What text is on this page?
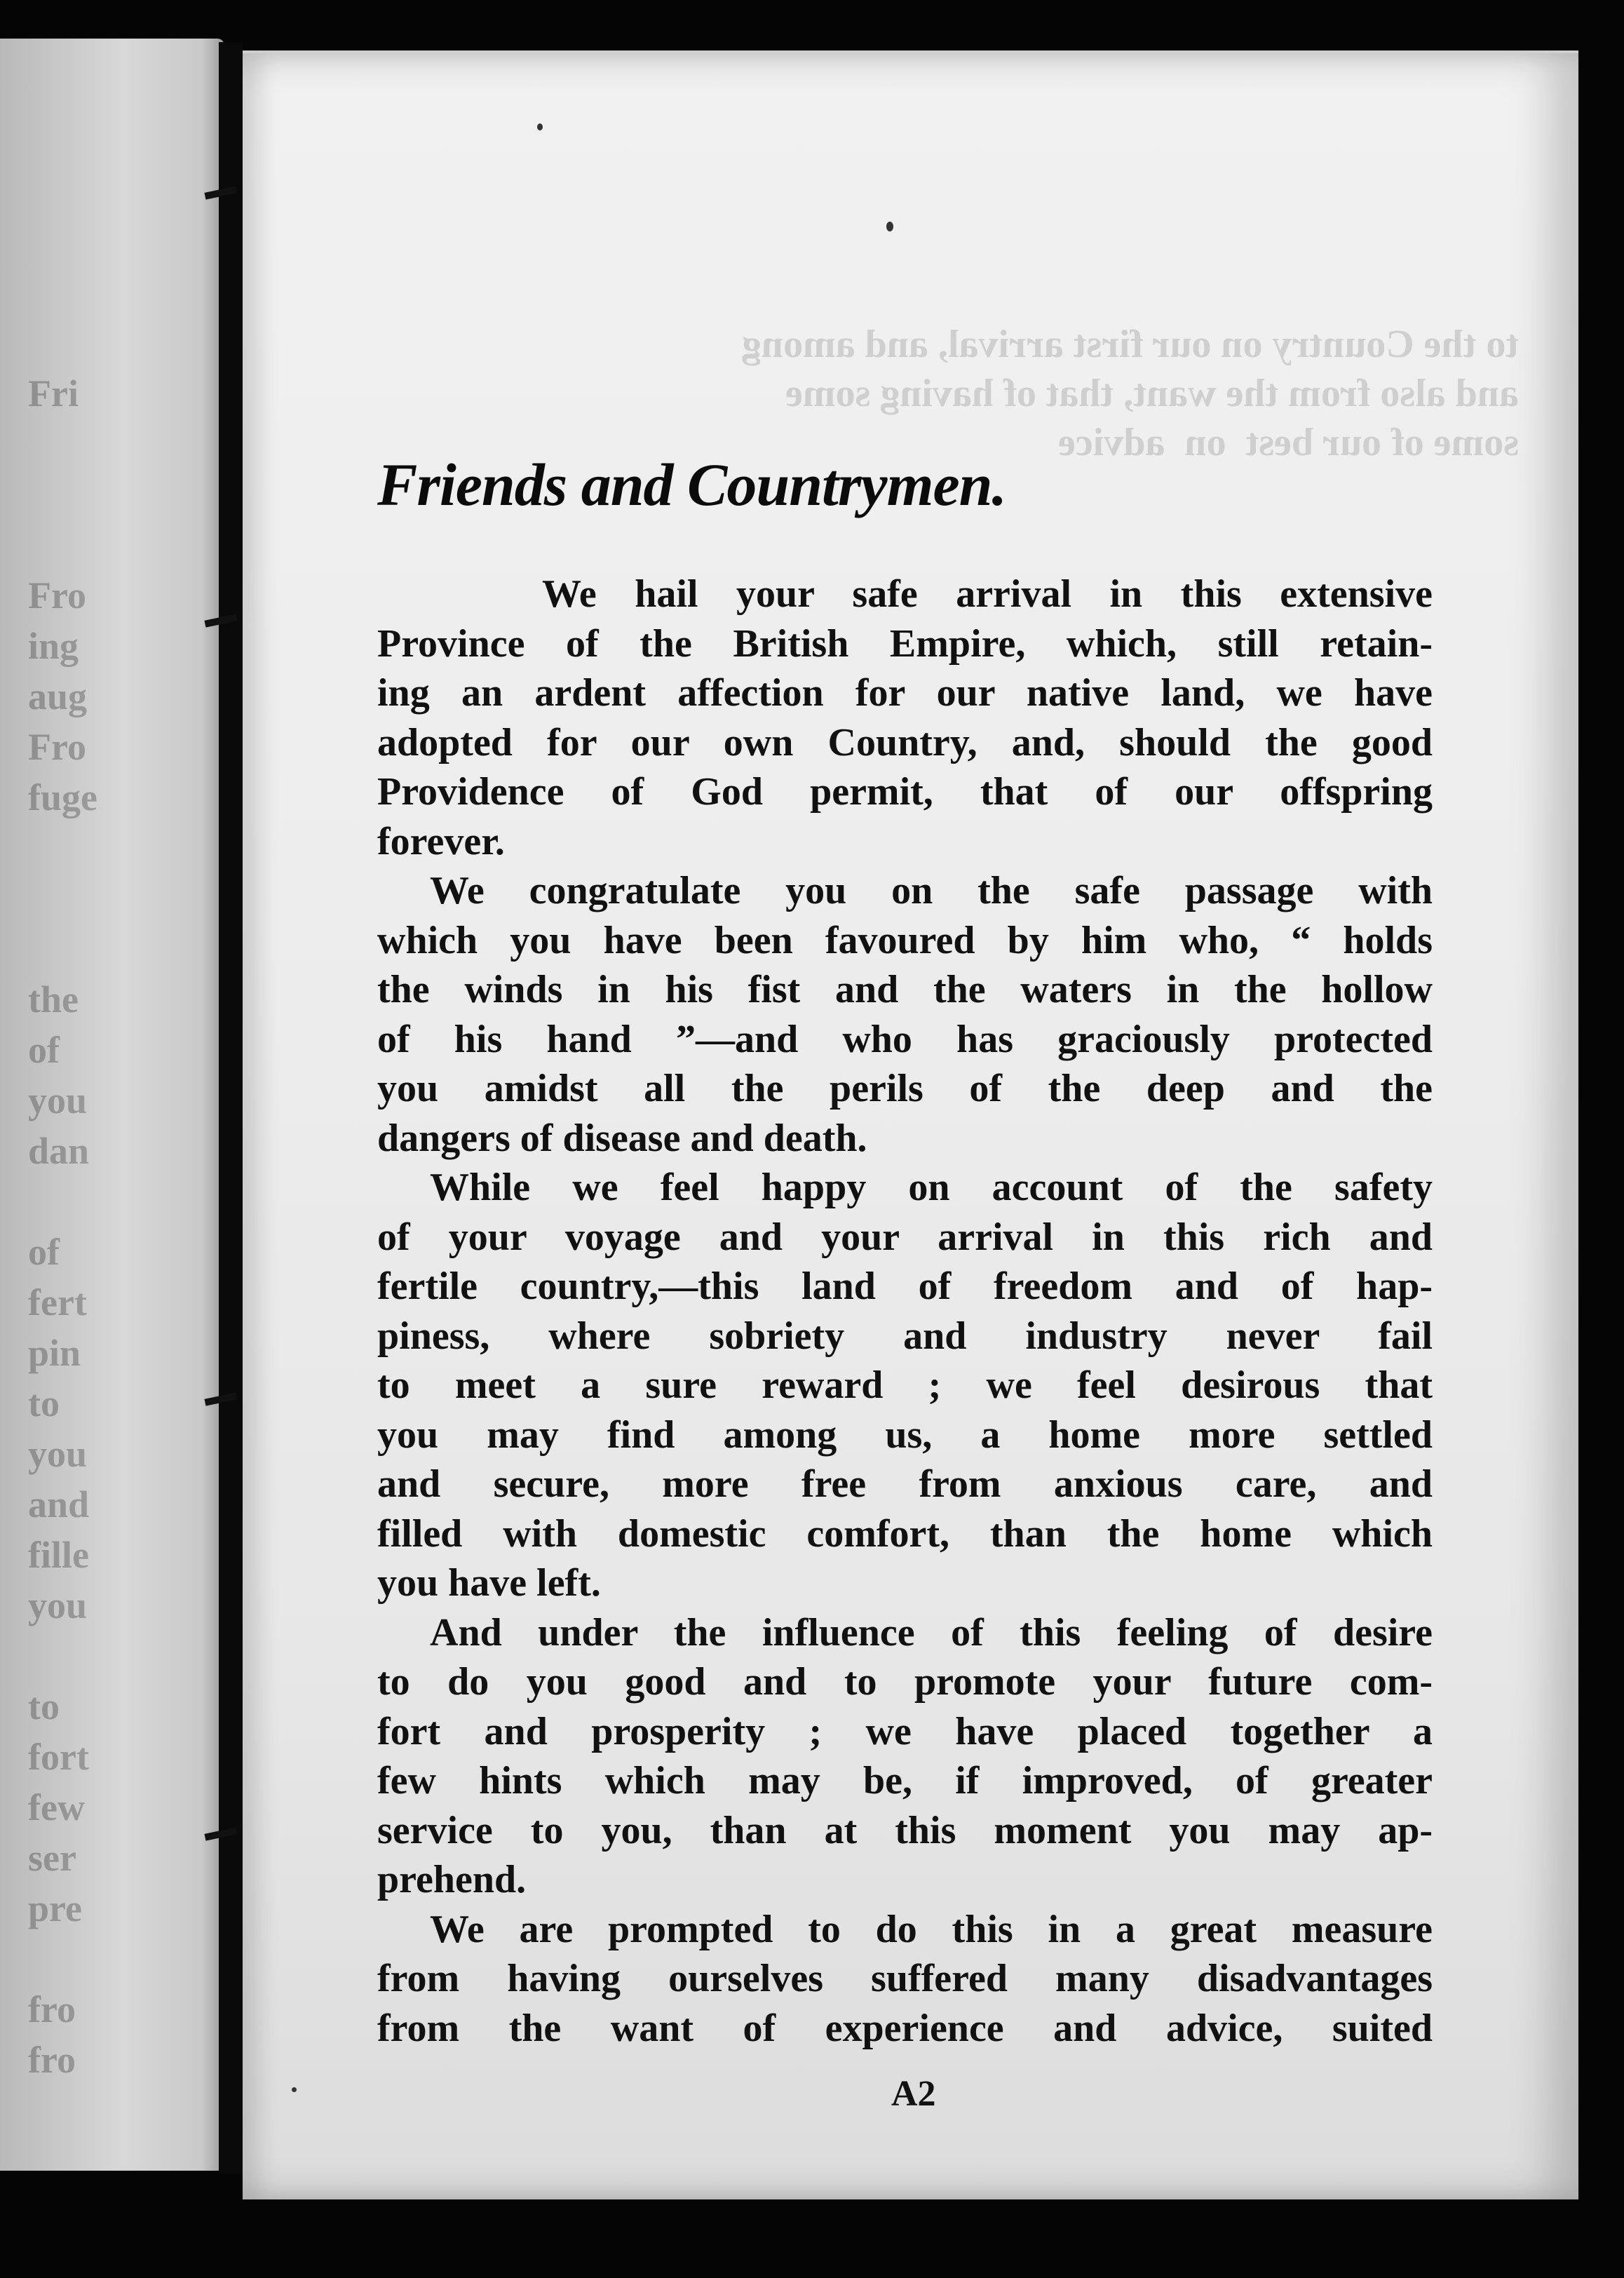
Fri

Fro
ing
aug
Fro
fuge

the
of
you
dan

of
fert
pin
to
you
and
fille
you

to
fort
few
ser
pre

fro
fro
to the Country on our first arrival, and among
and also from the want, that of having some
some of our best  on  advice
Friends and Countrymen.
We hail your safe arrival in this extensive
Province of the British Empire, which, still retain-
ing an ardent affection for our native land, we have
adopted for our own Country, and, should the good
Providence of God permit, that of our offspring
forever.
We congratulate you on the safe passage with
which you have been favoured by him who, “ holds
the winds in his fist and the waters in the hollow
of his hand ”—and who has graciously protected
you amidst all the perils of the deep and the
dangers of disease and death.
While we feel happy on account of the safety
of your voyage and your arrival in this rich and
fertile country,—this land of freedom and of hap-
piness, where sobriety and industry never fail
to meet a sure reward ; we feel desirous that
you may find among us, a home more settled
and secure, more free from anxious care, and
filled with domestic comfort, than the home which
you have left.
And under the influence of this feeling of desire
to do you good and to promote your future com-
fort and prosperity ; we have placed together a
few hints which may be, if improved, of greater
service to you, than at this moment you may ap-
prehend.
We are prompted to do this in a great measure
from having ourselves suffered many disadvantages
from the want of experience and advice, suited
A2
